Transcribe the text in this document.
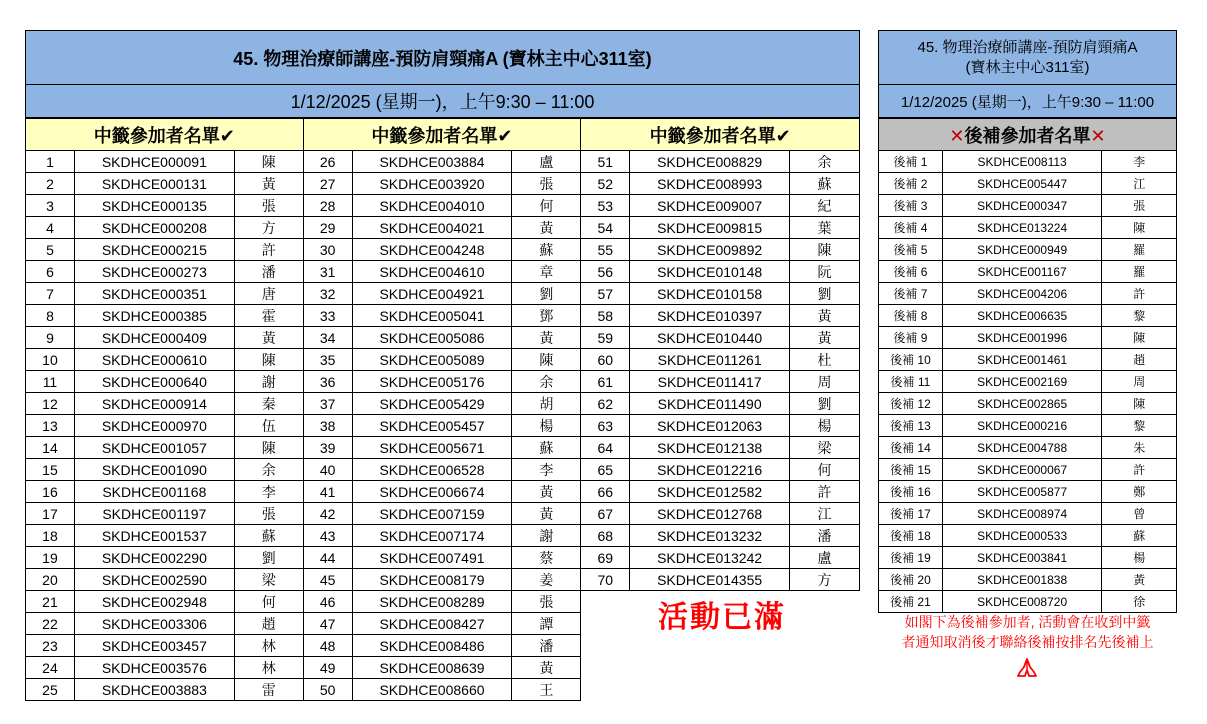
45. 物理治療師講座-預防肩頸痛A (寶林主中心311室)
1/12/2025 (星期一)，上午9:30 – 11:00
中籤參加者名單✔			中籤參加者名單✔			中籤參加者名單✔		
1	SKDHCE000091	陳	26	SKDHCE003884	盧	51	SKDHCE008829	余
2	SKDHCE000131	黃	27	SKDHCE003920	張	52	SKDHCE008993	蘇
3	SKDHCE000135	張	28	SKDHCE004010	何	53	SKDHCE009007	紀
4	SKDHCE000208	方	29	SKDHCE004021	黃	54	SKDHCE009815	葉
5	SKDHCE000215	許	30	SKDHCE004248	蘇	55	SKDHCE009892	陳
6	SKDHCE000273	潘	31	SKDHCE004610	章	56	SKDHCE010148	阮
7	SKDHCE000351	唐	32	SKDHCE004921	劉	57	SKDHCE010158	劉
8	SKDHCE000385	霍	33	SKDHCE005041	鄧	58	SKDHCE010397	黃
9	SKDHCE000409	黃	34	SKDHCE005086	黃	59	SKDHCE010440	黃
10	SKDHCE000610	陳	35	SKDHCE005089	陳	60	SKDHCE011261	杜
11	SKDHCE000640	謝	36	SKDHCE005176	余	61	SKDHCE011417	周
12	SKDHCE000914	秦	37	SKDHCE005429	胡	62	SKDHCE011490	劉
13	SKDHCE000970	伍	38	SKDHCE005457	楊	63	SKDHCE012063	楊
14	SKDHCE001057	陳	39	SKDHCE005671	蘇	64	SKDHCE012138	梁
15	SKDHCE001090	余	40	SKDHCE006528	李	65	SKDHCE012216	何
16	SKDHCE001168	李	41	SKDHCE006674	黃	66	SKDHCE012582	許
17	SKDHCE001197	張	42	SKDHCE007159	黃	67	SKDHCE012768	江
18	SKDHCE001537	蘇	43	SKDHCE007174	謝	68	SKDHCE013232	潘
19	SKDHCE002290	劉	44	SKDHCE007491	蔡	69	SKDHCE013242	盧
20	SKDHCE002590	梁	45	SKDHCE008179	姜	70	SKDHCE014355	方
21	SKDHCE002948	何	46	SKDHCE008289	張			
22	SKDHCE003306	趙	47	SKDHCE008427	譚			
23	SKDHCE003457	林	48	SKDHCE008486	潘			
24	SKDHCE003576	林	49	SKDHCE008639	黃			
25	SKDHCE003883	雷	50	SKDHCE008660	王			
活動已滿
45. 物理治療師講座-預防肩頸痛A
(寶林主中心311室)
1/12/2025 (星期一)，上午9:30 – 11:00
✕後補參加者名單✕		
後補 1	SKDHCE008113	李
後補 2	SKDHCE005447	江
後補 3	SKDHCE000347	張
後補 4	SKDHCE013224	陳
後補 5	SKDHCE000949	羅
後補 6	SKDHCE001167	羅
後補 7	SKDHCE004206	許
後補 8	SKDHCE006635	黎
後補 9	SKDHCE001996	陳
後補 10	SKDHCE001461	趙
後補 11	SKDHCE002169	周
後補 12	SKDHCE002865	陳
後補 13	SKDHCE000216	黎
後補 14	SKDHCE004788	朱
後補 15	SKDHCE000067	許
後補 16	SKDHCE005877	鄭
後補 17	SKDHCE008974	曾
後補 18	SKDHCE000533	蘇
後補 19	SKDHCE003841	楊
後補 20	SKDHCE001838	黃
後補 21	SKDHCE008720	徐
如閣下為後補參加者, 活動會在收到中籤
者通知取消後才聯絡後補按排名先後補上
